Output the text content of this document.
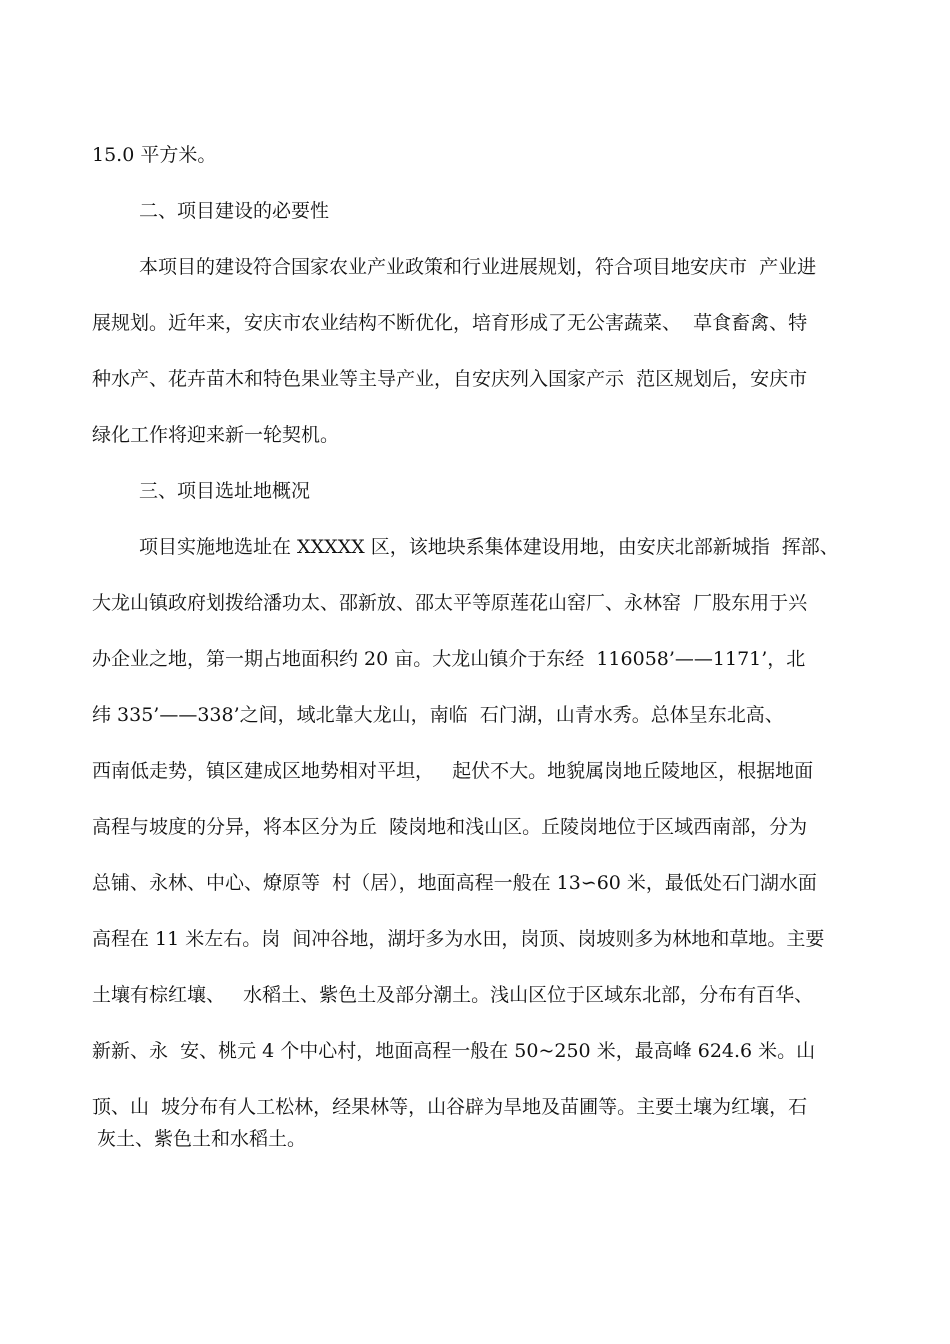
15.0 平方米。
二、项目建设的必要性
本项目的建设符合国家农业产业政策和行业进展规划，符合项目地安庆市  产业进
展规划。近年来，安庆市农业结构不断优化，培育形成了无公害蔬菜、  草食畜禽、特
种水产、花卉苗木和特色果业等主导产业，自安庆列入国家产示  范区规划后，安庆市
绿化工作将迎来新一轮契机。
三、项目选址地概况
项目实施地选址在 XXXXX 区，该地块系集体建设用地，由安庆北部新城指  挥部、
大龙山镇政府划拨给潘功太、邵新放、邵太平等原莲花山窑厂、永林窑  厂股东用于兴
办企业之地，第一期占地面积约 20 亩。大龙山镇介于东经  116058’——1171’，北
纬 335’——338’之间，域北靠大龙山，南临  石门湖，山青水秀。总体呈东北高、
西南低走势，镇区建成区地势相对平坦，   起伏不大。地貌属岗地丘陵地区，根据地面
高程与坡度的分异，将本区分为丘  陵岗地和浅山区。丘陵岗地位于区域西南部，分为
总铺、永林、中心、燎原等  村（居），地面高程一般在 13∽60 米，最低处石门湖水面
高程在 11 米左右。岗  间冲谷地，湖圩多为水田，岗顶、岗坡则多为林地和草地。主要
土壤有棕红壤、   水稻土、紫色土及部分潮土。浅山区位于区域东北部，分布有百华、
新新、永  安、桃元 4 个中心村，地面高程一般在 50~250 米，最高峰 624.6 米。山
顶、山  坡分布有人工松林，经果林等，山谷辟为旱地及苗圃等。主要土壤为红壤，石
灰土、紫色土和水稻土。
